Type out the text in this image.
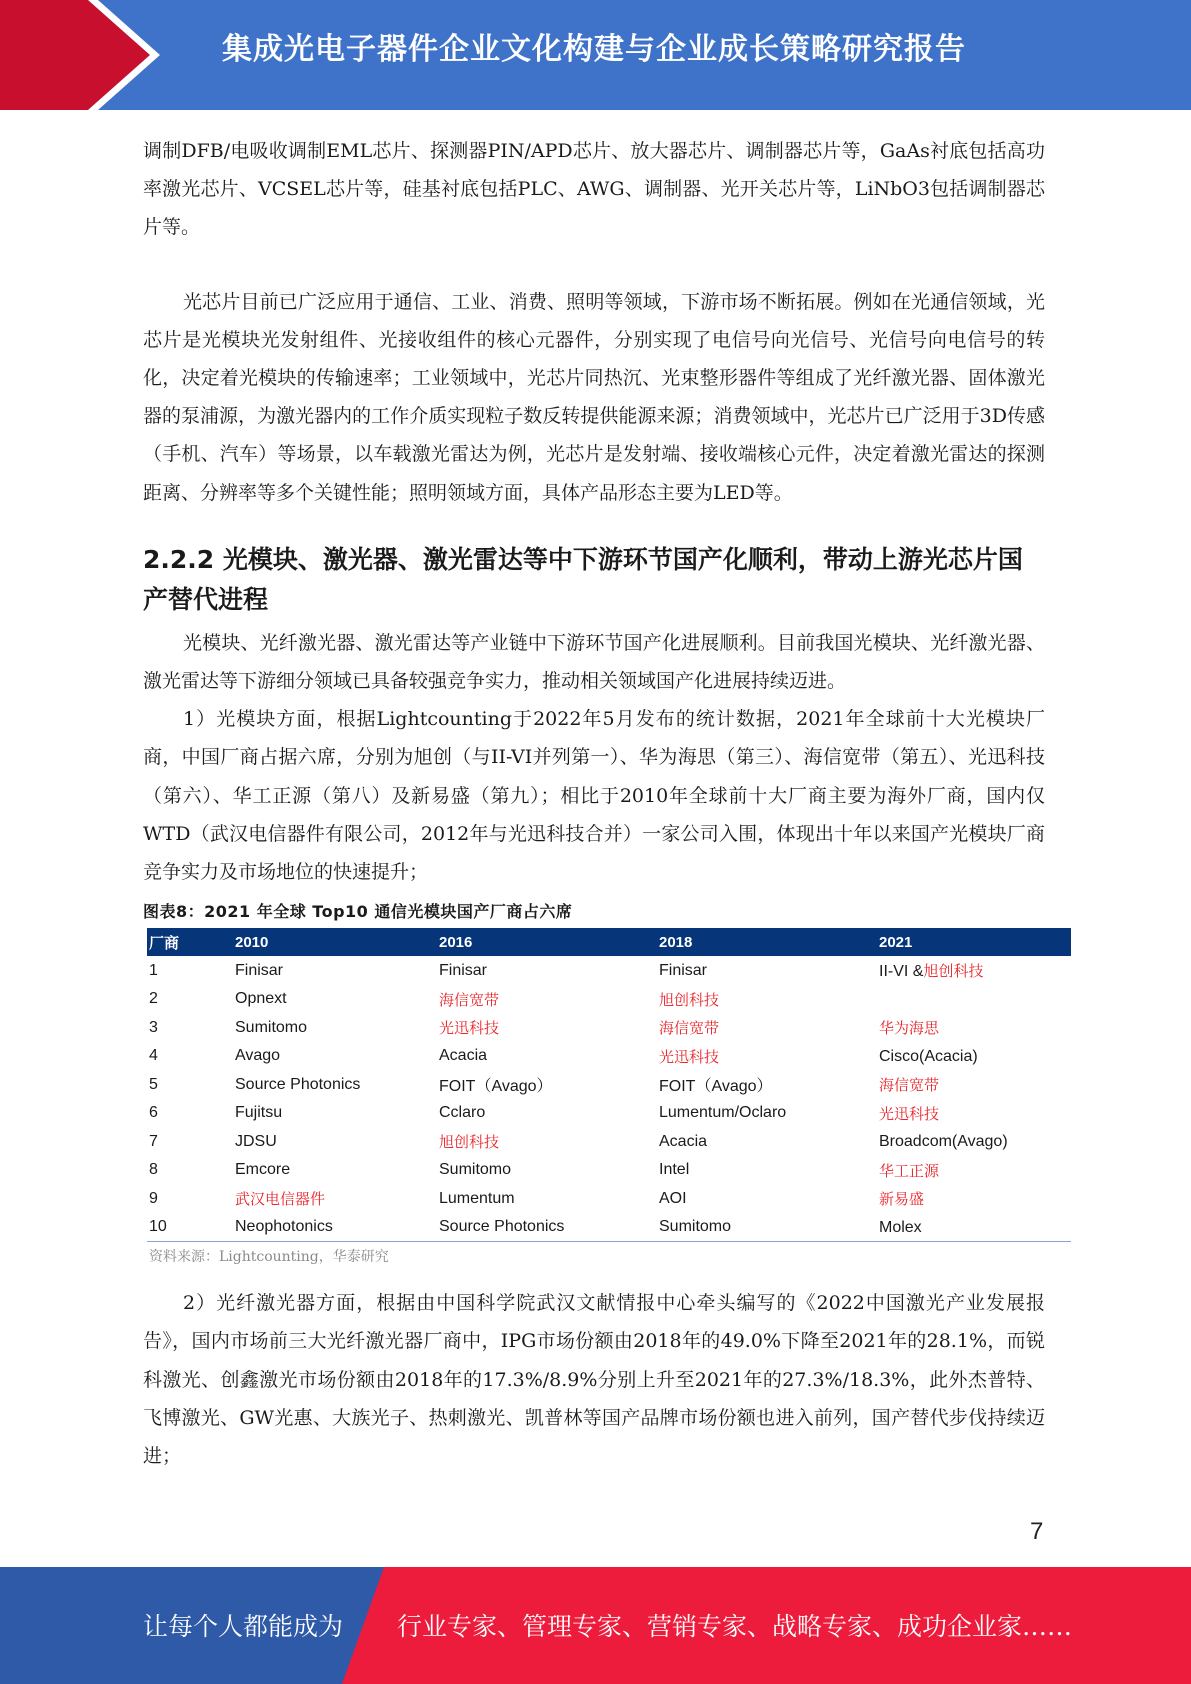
集成光电子器件企业文化构建与企业成长策略研究报告

调制DFB/电吸收调制EML芯片、探测器PIN/APD芯片、放大器芯片、调制器芯片等，GaAs衬底包括高功率激光芯片、VCSEL芯片等，硅基衬底包括PLC、AWG、调制器、光开关芯片等，LiNbO3包括调制器芯片等。

光芯片目前已广泛应用于通信、工业、消费、照明等领域，下游市场不断拓展。例如在光通信领域，光芯片是光模块光发射组件、光接收组件的核心元器件，分别实现了电信号向光信号、光信号向电信号的转化，决定着光模块的传输速率；工业领域中，光芯片同热沉、光束整形器件等组成了光纤激光器、固体激光器的泵浦源，为激光器内的工作介质实现粒子数反转提供能源来源；消费领域中，光芯片已广泛用于3D传感（手机、汽车）等场景，以车载激光雷达为例，光芯片是发射端、接收端核心元件，决定着激光雷达的探测距离、分辨率等多个关键性能；照明领域方面，具体产品形态主要为LED等。

2.2.2 光模块、激光器、激光雷达等中下游环节国产化顺利，带动上游光芯片国产替代进程

光模块、光纤激光器、激光雷达等产业链中下游环节国产化进展顺利。目前我国光模块、光纤激光器、激光雷达等下游细分领域已具备较强竞争实力，推动相关领域国产化进展持续迈进。

1）光模块方面，根据Lightcounting于2022年5月发布的统计数据，2021年全球前十大光模块厂商，中国厂商占据六席，分别为旭创（与II-VI并列第一）、华为海思（第三）、海信宽带（第五）、光迅科技（第六）、华工正源（第八）及新易盛（第九）；相比于2010年全球前十大厂商主要为海外厂商，国内仅WTD（武汉电信器件有限公司，2012年与光迅科技合并）一家公司入围，体现出十年以来国产光模块厂商竞争实力及市场地位的快速提升；

图表8：2021 年全球 Top10 通信光模块国产厂商占六席
厂商	2010	2016	2018	2021
1	Finisar	Finisar	Finisar	II-VI &旭创科技
2	Opnext	海信宽带	旭创科技	
3	Sumitomo	光迅科技	海信宽带	华为海思
4	Avago	Acacia	光迅科技	Cisco(Acacia)
5	Source Photonics	FOIT（Avago）	FOIT（Avago）	海信宽带
6	Fujitsu	Cclaro	Lumentum/Oclaro	光迅科技
7	JDSU	旭创科技	Acacia	Broadcom(Avago)
8	Emcore	Sumitomo	Intel	华工正源
9	武汉电信器件	Lumentum	AOI	新易盛
10	Neophotonics	Source Photonics	Sumitomo	Molex
资料来源：Lightcounting，华泰研究

2）光纤激光器方面，根据由中国科学院武汉文献情报中心牵头编写的《2022中国激光产业发展报告》，国内市场前三大光纤激光器厂商中，IPG市场份额由2018年的49.0%下降至2021年的28.1%，而锐科激光、创鑫激光市场份额由2018年的17.3%/8.9%分别上升至2021年的27.3%/18.3%，此外杰普特、飞博激光、GW光惠、大族光子、热刺激光、凯普林等国产品牌市场份额也进入前列，国产替代步伐持续迈进；

7
让每个人都能成为 行业专家、管理专家、营销专家、战略专家、成功企业家……
